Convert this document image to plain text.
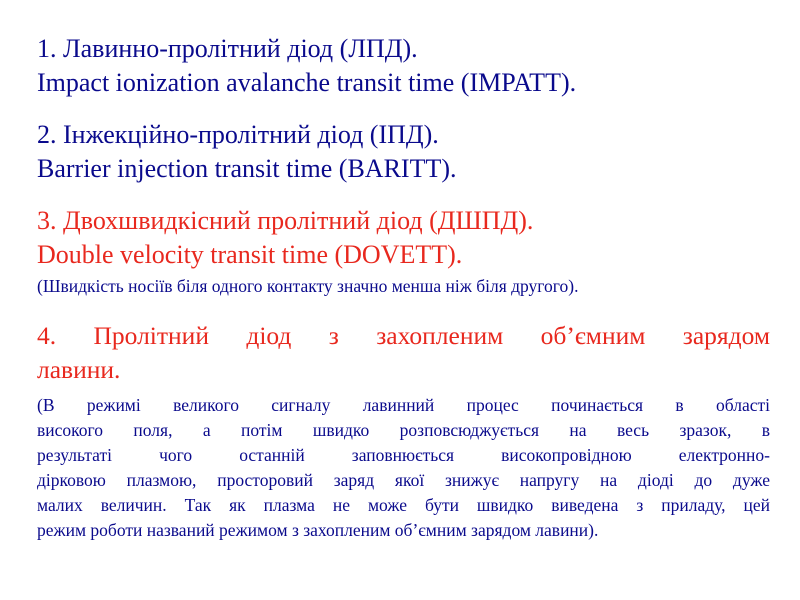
1. Лавинно-пролітний діод (ЛПД).
Impact ionization avalanche transit time (IMPATT).
2. Інжекційно-пролітний діод (ІПД).
Barrier injection transit time (BARITT).
3. Двохшвидкісний пролітний діод (ДШПД).
Double velocity transit time (DOVETT).
(Швидкість носіїв біля одного контакту значно менша ніж біля другого).
4. Пролітний діод з захопленим об’ємним зарядом
лавини.
(В режимі великого сигналу лавинний процес починається в області
високого поля, а потім швидко розповсюджується на весь зразок, в
результаті чого останній заповнюється високопровідною електронно-
дірковою плазмою, просторовий заряд якої знижує напругу на діоді до дуже
малих величин. Так як плазма не може бути швидко виведена з приладу, цей
режим роботи названий режимом з захопленим об’ємним зарядом лавини).
